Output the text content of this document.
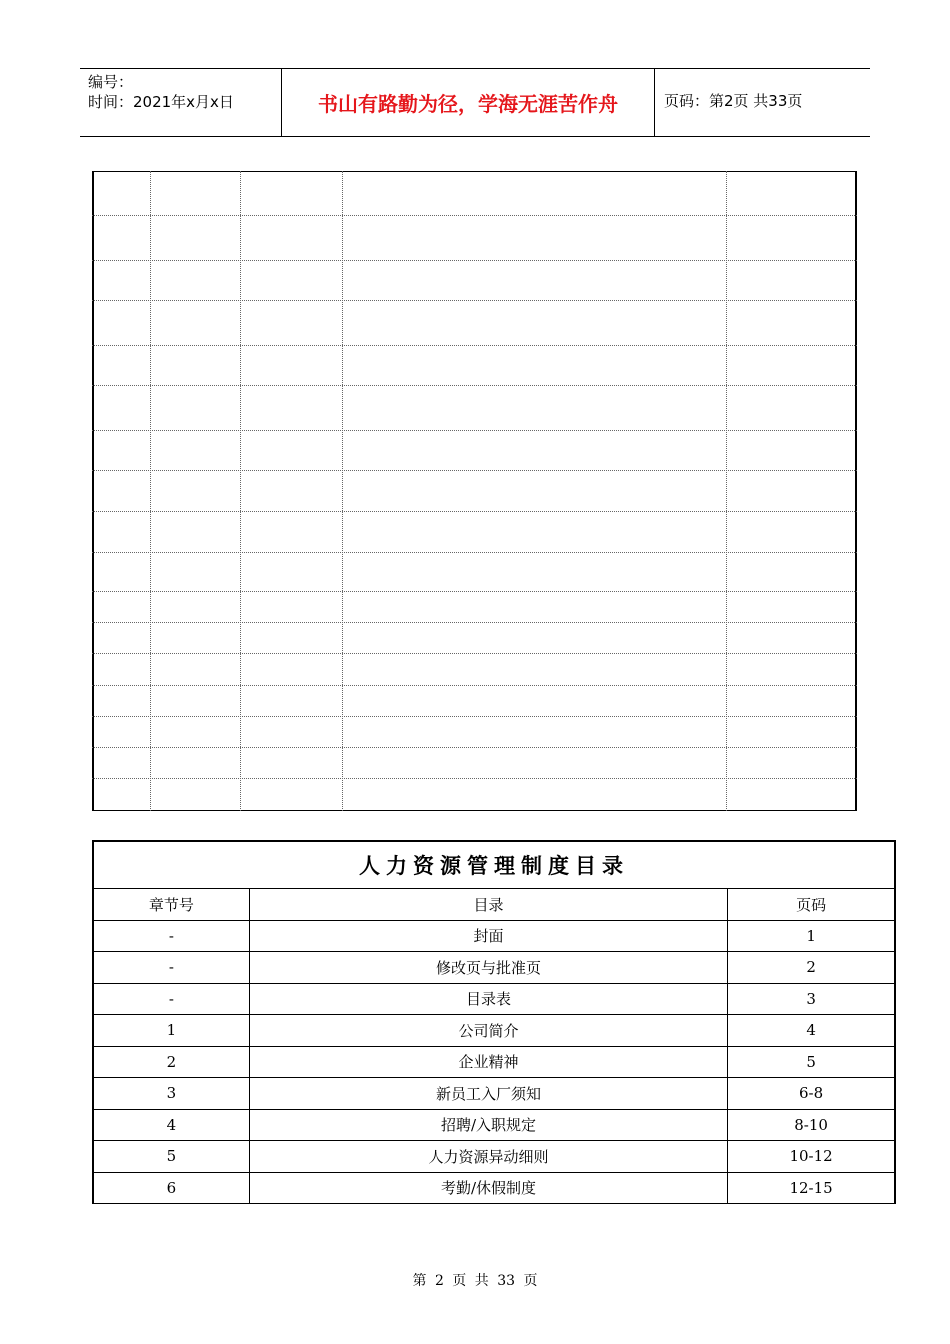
编号：
时间：2021年x月x日	书山有路勤为径，学海无涯苦作舟	页码：第2页 共33页
人力资源管理制度目录		
章节号	目录	页码
-	封面	1
-	修改页与批准页	2
-	目录表	3
1	公司简介	4
2	企业精神	5
3	新员工入厂须知	6-8
4	招聘/入职规定	8-10
5	人力资源异动细则	10-12
6	考勤/休假制度	12-15
第 2 页 共 33 页
